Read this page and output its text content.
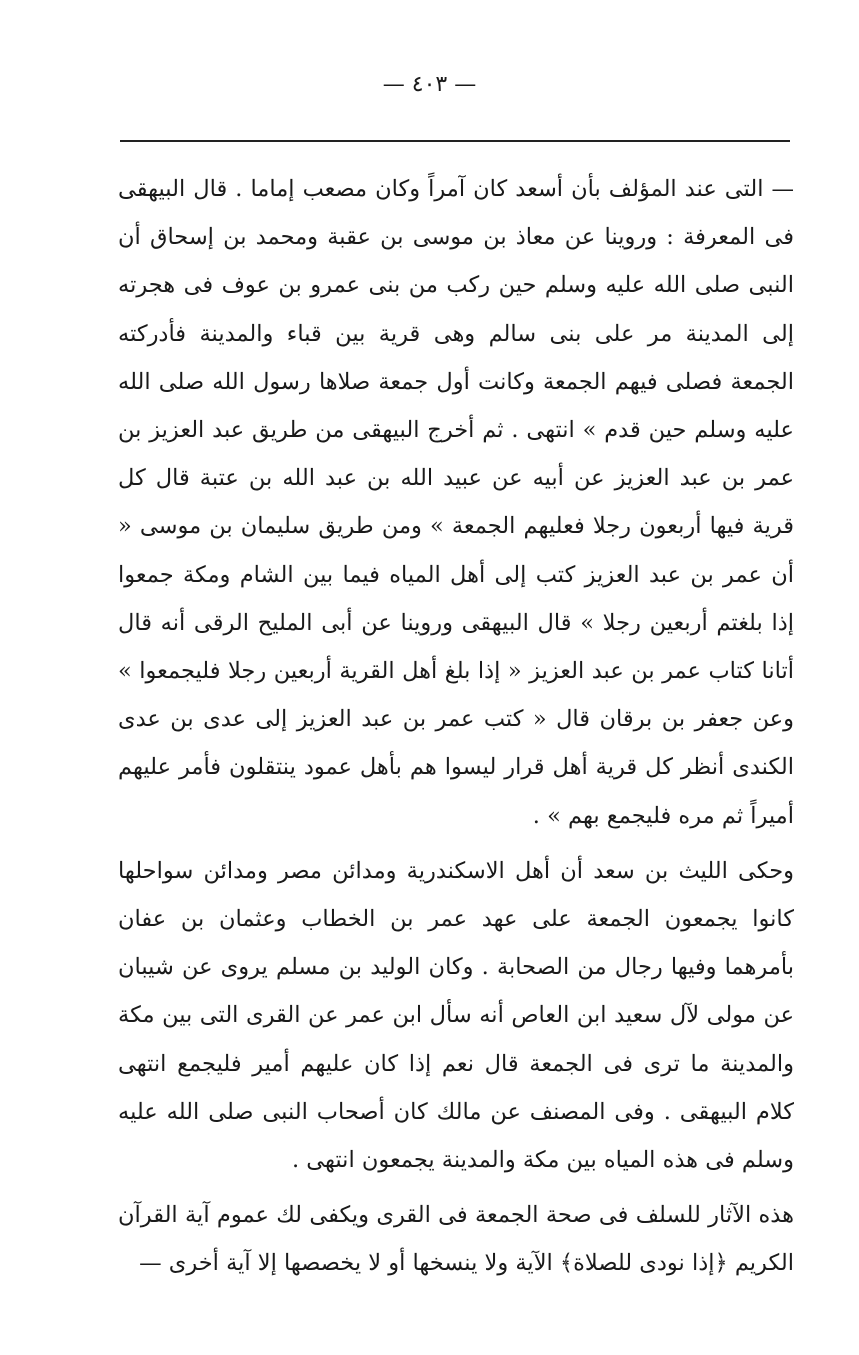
— ٤٠٣ —

— التى عند المؤلف بأن أسعد كان آمراً وكان مصعب إماما . قال البيهقى فى المعرفة : وروينا عن معاذ بن موسى بن عقبة ومحمد بن إسحاق أن النبى صلى الله عليه وسلم حين ركب من بنى عمرو بن عوف فى هجرته إلى المدينة مر على بنى سالم وهى قرية بين قباء والمدينة فأدركته الجمعة فصلى فيهم الجمعة وكانت أول جمعة صلاها رسول الله صلى الله عليه وسلم حين قدم » انتهى . ثم أخرج البيهقى من طريق عبد العزيز بن عمر بن عبد العزيز عن أبيه عن عبيد الله بن عبد الله بن عتبة قال كل قرية فيها أربعون رجلا فعليهم الجمعة » ومن طريق سليمان بن موسى « أن عمر بن عبد العزيز كتب إلى أهل المياه فيما بين الشام ومكة جمعوا إذا بلغتم أربعين رجلا » قال البيهقى وروينا عن أبى المليح الرقى أنه قال أتانا كتاب عمر بن عبد العزيز « إذا بلغ أهل القرية أربعين رجلا فليجمعوا » وعن جعفر بن برقان قال « كتب عمر بن عبد العزيز إلى عدى بن عدى الكندى أنظر كل قرية أهل قرار ليسوا هم بأهل عمود ينتقلون فأمر عليهم أميراً ثم مره فليجمع بهم » .

وحكى الليث بن سعد أن أهل الاسكندرية ومدائن مصر ومدائن سواحلها كانوا يجمعون الجمعة على عهد عمر بن الخطاب وعثمان بن عفان بأمرهما وفيها رجال من الصحابة . وكان الوليد بن مسلم يروى عن شيبان عن مولى لآل سعيد ابن العاص أنه سأل ابن عمر عن القرى التى بين مكة والمدينة ما ترى فى الجمعة قال نعم إذا كان عليهم أمير فليجمع انتهى كلام البيهقى . وفى المصنف عن مالك كان أصحاب النبى صلى الله عليه وسلم فى هذه المياه بين مكة والمدينة يجمعون انتهى .

هذه الآثار للسلف فى صحة الجمعة فى القرى ويكفى لك عموم آية القرآن الكريم ﴿إذا نودى للصلاة﴾ الآية ولا ينسخها أو لا يخصصها إلا آية أخرى —
